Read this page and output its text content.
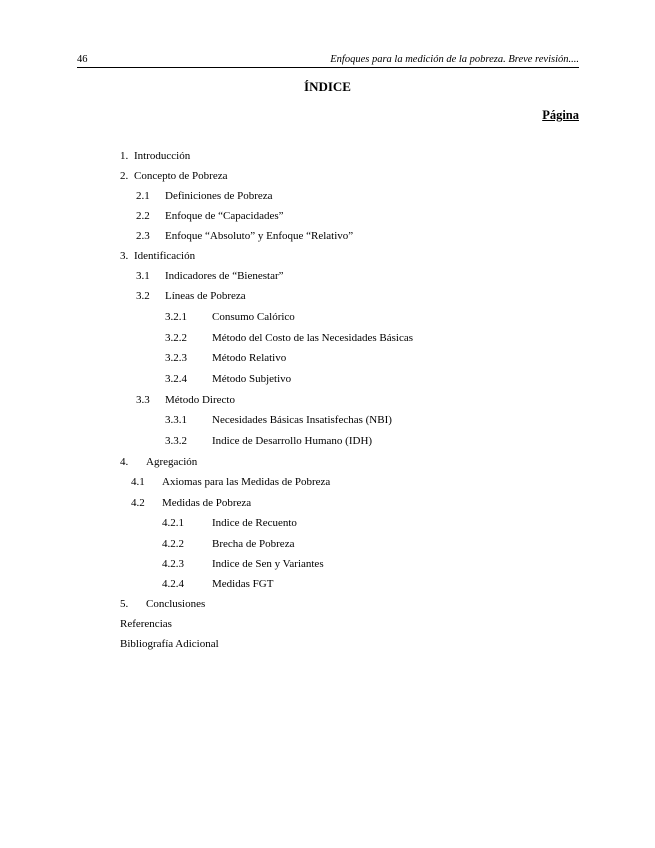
46	Enfoques para la medición de la pobreza. Breve revisión....
ÍNDICE
Página
1. Introducción
2. Concepto de Pobreza
2.1 Definiciones de Pobreza
2.2 Enfoque de “Capacidades”
2.3 Enfoque “Absoluto” y Enfoque “Relativo”
3. Identificación
3.1 Indicadores de “Bienestar”
3.2 Líneas de Pobreza
3.2.1 Consumo Calórico
3.2.2 Método del Costo de las Necesidades Básicas
3.2.3 Método Relativo
3.2.4 Método Subjetivo
3.3 Método Directo
3.3.1 Necesidades Básicas Insatisfechas (NBI)
3.3.2 Indice de Desarrollo Humano (IDH)
4. Agregación
4.1 Axiomas para las Medidas de Pobreza
4.2 Medidas de Pobreza
4.2.1	Indice de Recuento
4.2.2	Brecha de Pobreza
4.2.3	Indice de Sen y Variantes
4.2.4	Medidas FGT
5. Conclusiones
Referencias
Bibliografía Adicional
